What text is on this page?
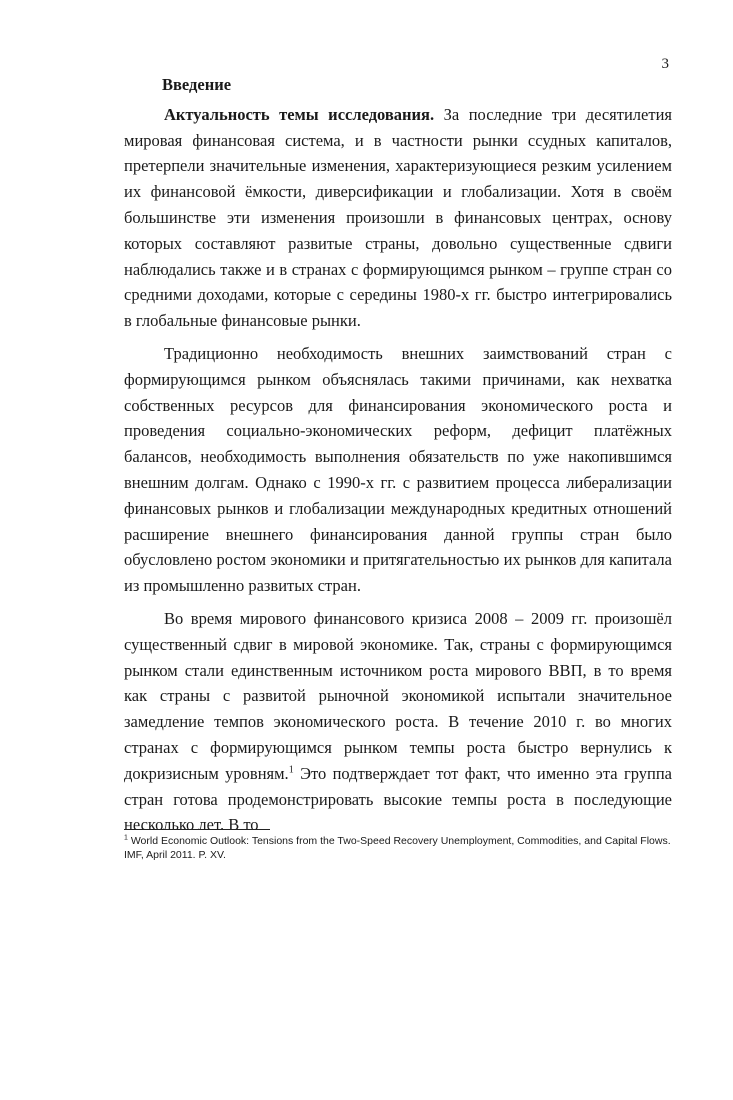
3
Введение

Актуальность темы исследования. За последние три десятилетия мировая финансовая система, и в частности рынки ссудных капиталов, претерпели значительные изменения, характеризующиеся резким усилением их финансовой ёмкости, диверсификации и глобализации. Хотя в своём большинстве эти изменения произошли в финансовых центрах, основу которых составляют развитые страны, довольно существенные сдвиги наблюдались также и в странах с формирующимся рынком – группе стран со средними доходами, которые с середины 1980-х гг. быстро интегрировались в глобальные финансовые рынки.

Традиционно необходимость внешних заимствований стран с формирующимся рынком объяснялась такими причинами, как нехватка собственных ресурсов для финансирования экономического роста и проведения социально-экономических реформ, дефицит платёжных балансов, необходимость выполнения обязательств по уже накопившимся внешним долгам. Однако с 1990-х гг. с развитием процесса либерализации финансовых рынков и глобализации международных кредитных отношений расширение внешнего финансирования данной группы стран было обусловлено ростом экономики и притягательностью их рынков для капитала из промышленно развитых стран.

Во время мирового финансового кризиса 2008 – 2009 гг. произошёл существенный сдвиг в мировой экономике. Так, страны с формирующимся рынком стали единственным источником роста мирового ВВП, в то время как страны с развитой рыночной экономикой испытали значительное замедление темпов экономического роста. В течение 2010 г. во многих странах с формирующимся рынком темпы роста быстро вернулись к докризисным уровням.$^1$ Это подтверждает тот факт, что именно эта группа стран готова продемонстрировать высокие темпы роста в последующие несколько лет. В то

$^1$ World Economic Outlook: Tensions from the Two-Speed Recovery Unemployment, Commodities, and Capital Flows. IMF, April 2011. P. XV.
